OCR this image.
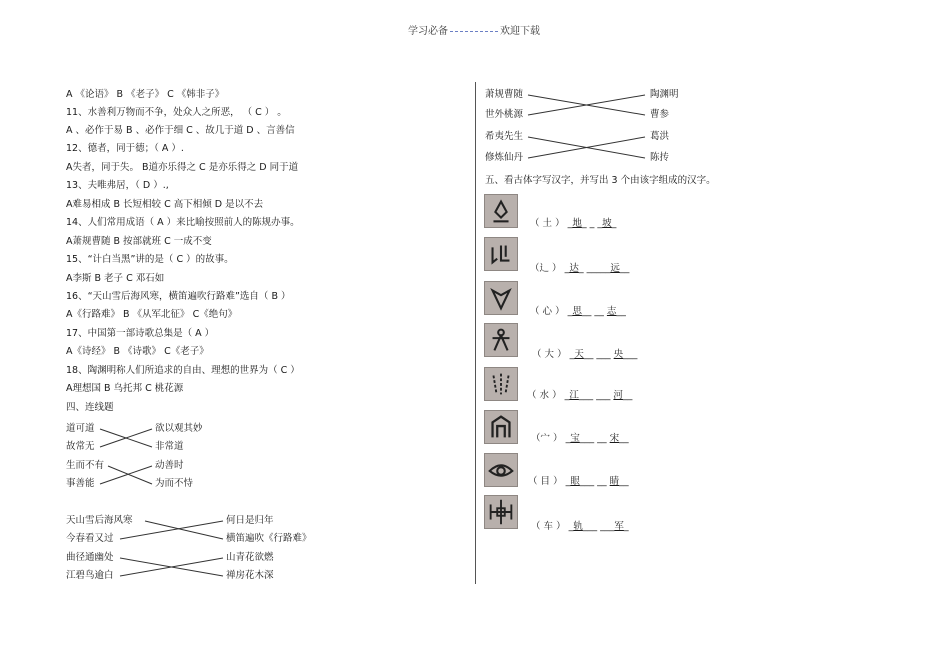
学习必备	欢迎下载
A 《论语》 B 《老子》 C 《韩非子》
11、水善利万物而不争，处众人之所恶， （ C ） 。
A 、必作于易 B 、必作于细 C 、故几于道 D 、言善信
12、德者，同于德；（ A ）.
A失者，同于失。 B道亦乐得之 C 是亦乐得之 D 同于道
13、夫唯弗居，（ D ）.,
A难易相成 B 长短相较 C 高下相倾 D 是以不去
14、人们常用成语（ A ）来比喻按照前人的陈规办事。
A萧规曹随 B 按部就班 C 一成不变
15、“计白当黑”讲的是（ C ）的故事。
A李斯 B 老子 C 邓石如
16、“天山雪后海风寒，横笛遍吹行路难”选自（ B ）
A《行路难》 B 《从军北征》 C《绝句》
17、中国第一部诗歌总集是（ A ）
A《诗经》 B 《诗歌》 C《老子》
18、陶渊明称人们所追求的自由、理想的世界为（ C ）
A理想国 B 乌托邦 C 桃花源
四、连线题
道可道
故常无
生而不有
事善能
欲以观其妙
非常道
动善时
为而不恃
天山雪后海风寒
今春看又过
曲径通幽处
江碧鸟逾白
何日是归年
横笛遍吹《行路难》
山青花欲燃
禅房花木深
萧规曹随
世外桃源
希夷先生
修炼仙丹
陶渊明
曹参
葛洪
陈抟
五、看古体字写汉字，并写出 3 个由该字组成的汉字。
（ 土 ） _地_ _ _坡_
（辶 ） _达_ _____远__
（ 心 ） _思__ __ 志__
（ 大 ） _天__ ___ 央___
（ 水 ） _江___ ___ 河__
（宀 ） _宝___ __ 宋__
（ 目 ） _眼___ __ 睛__
（ 车 ） _轨___ ___军_
